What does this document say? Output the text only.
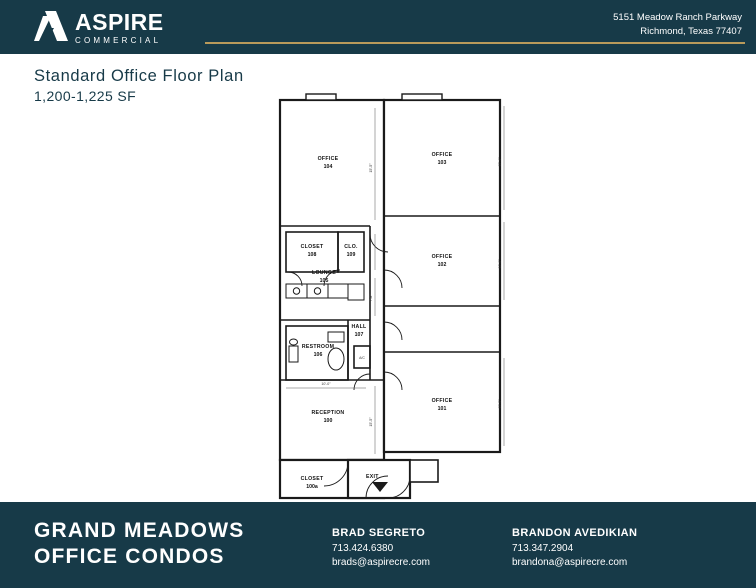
ASPIRE
COMMERCIAL
5151 Meadow Ranch Parkway
Richmond, Texas 77407
Standard Office Floor Plan
1,200-1,225 SF
EXIT
OFFICE
104
OFFICE
103
OFFICE
102
OFFICE
101
CLOSET
108
CLO.
109
LOUNGE
105
RESTROOM
106
HALL
107
RECEPTION
100
CLOSET
100a
A/C
15'-5"
15'-4"
12'-6"
15'-5"
7'-8"
15'-5"
10'-0"
GRAND MEADOWS
OFFICE CONDOS
BRAD SEGRETO
713.424.6380
brads@aspirecre.com
BRANDON AVEDIKIAN
713.347.2904
brandona@aspirecre.com
